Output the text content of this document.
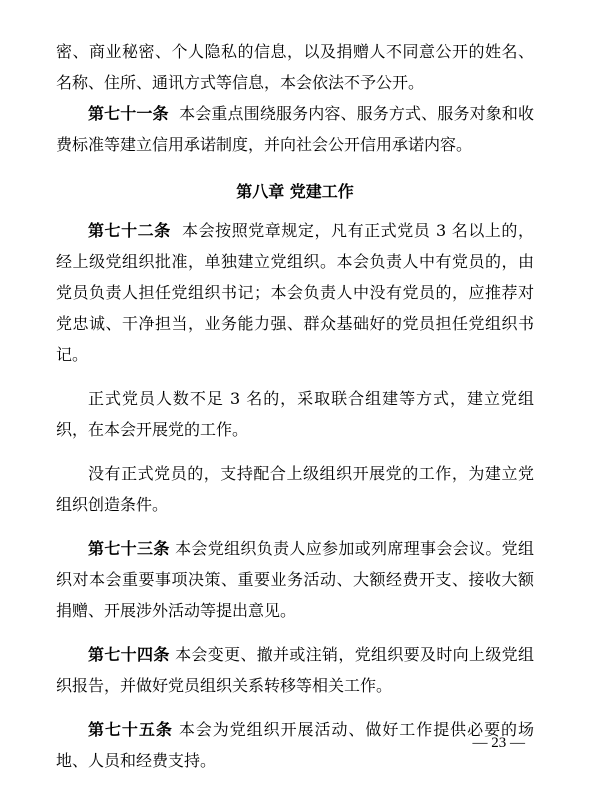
密、商业秘密、个人隐私的信息，以及捐赠人不同意公开的姓名、名称、住所、通讯方式等信息，本会依法不予公开。

第七十一条 本会重点围绕服务内容、服务方式、服务对象和收费标准等建立信用承诺制度，并向社会公开信用承诺内容。

第八章 党建工作

第七十二条 本会按照党章规定，凡有正式党员 3 名以上的，经上级党组织批准，单独建立党组织。本会负责人中有党员的，由党员负责人担任党组织书记；本会负责人中没有党员的，应推荐对党忠诚、干净担当，业务能力强、群众基础好的党员担任党组织书记。

正式党员人数不足 3 名的，采取联合组建等方式，建立党组织，在本会开展党的工作。

没有正式党员的，支持配合上级组织开展党的工作，为建立党组织创造条件。

第七十三条 本会党组织负责人应参加或列席理事会会议。党组织对本会重要事项决策、重要业务活动、大额经费开支、接收大额捐赠、开展涉外活动等提出意见。

第七十四条 本会变更、撤并或注销，党组织要及时向上级党组织报告，并做好党员组织关系转移等相关工作。

第七十五条 本会为党组织开展活动、做好工作提供必要的场地、人员和经费支持。

— 23 —
